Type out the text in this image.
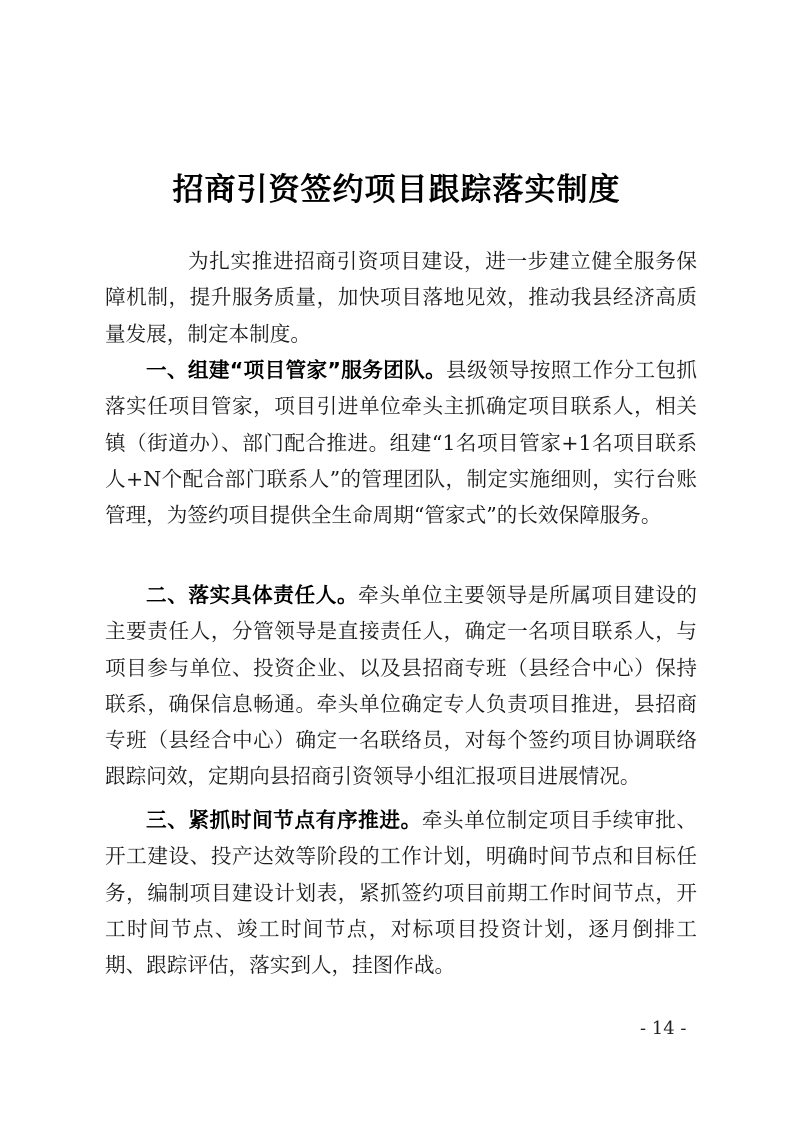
招商引资签约项目跟踪落实制度

为扎实推进招商引资项目建设，进一步建立健全服务保障机制，提升服务质量，加快项目落地见效，推动我县经济高质量发展，制定本制度。

一、组建“项目管家”服务团队。县级领导按照工作分工包抓落实任项目管家，项目引进单位牵头主抓确定项目联系人，相关镇（街道办）、部门配合推进。组建“1名项目管家+1名项目联系人+N个配合部门联系人”的管理团队，制定实施细则，实行台账管理，为签约项目提供全生命周期“管家式”的长效保障服务。

二、落实具体责任人。牵头单位主要领导是所属项目建设的主要责任人，分管领导是直接责任人，确定一名项目联系人，与项目参与单位、投资企业、以及县招商专班（县经合中心）保持联系，确保信息畅通。牵头单位确定专人负责项目推进，县招商专班（县经合中心）确定一名联络员，对每个签约项目协调联络跟踪问效，定期向县招商引资领导小组汇报项目进展情况。

三、紧抓时间节点有序推进。牵头单位制定项目手续审批、开工建设、投产达效等阶段的工作计划，明确时间节点和目标任务，编制项目建设计划表，紧抓签约项目前期工作时间节点，开工时间节点、竣工时间节点，对标项目投资计划，逐月倒排工期、跟踪评估，落实到人，挂图作战。

- 14 -
